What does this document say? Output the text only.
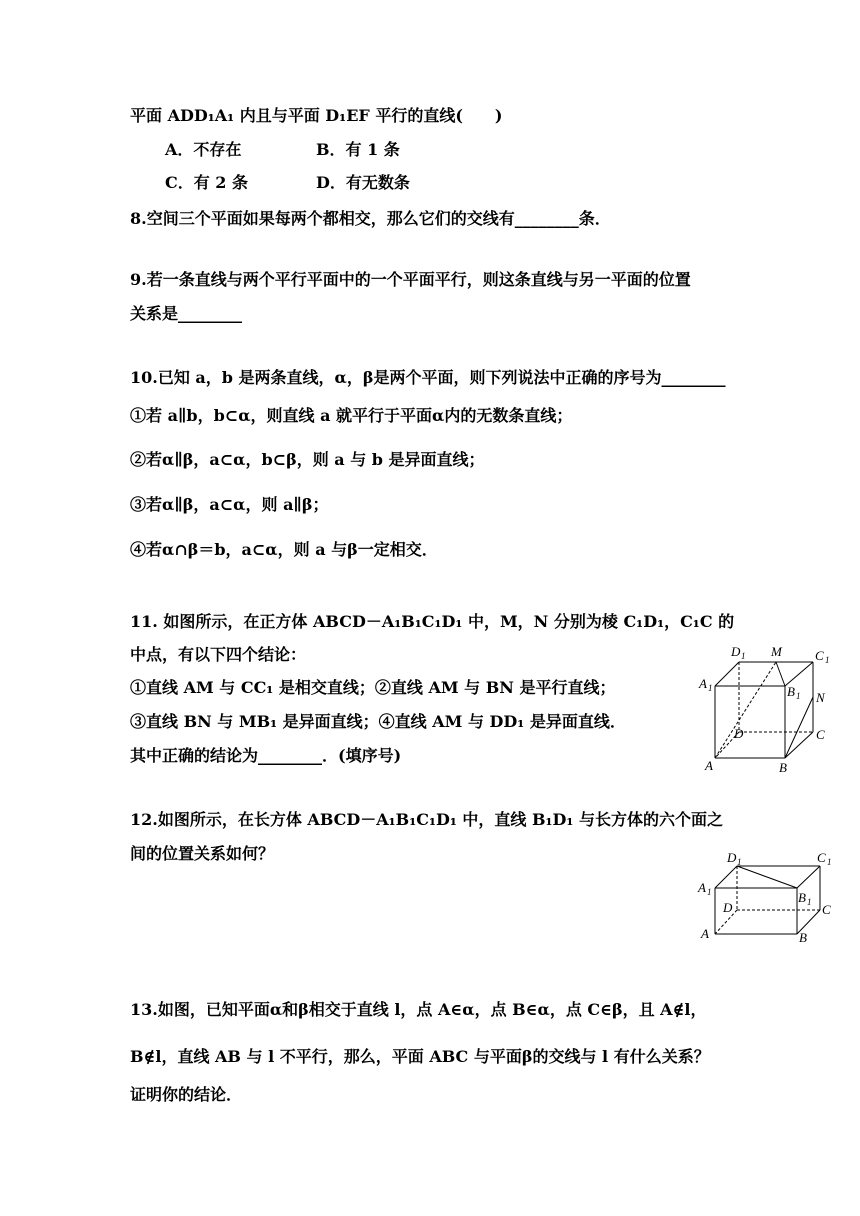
平面 ADD₁A₁ 内且与平面 D₁EF 平行的直线(　　)
A．不存在	B．有 1 条
C．有 2 条	D．有无数条
8.空间三个平面如果每两个都相交，那么它们的交线有________条．
9.若一条直线与两个平行平面中的一个平面平行，则这条直线与另一平面的位置
关系是________
10.已知 a，b 是两条直线，α，β是两个平面，则下列说法中正确的序号为________
①若 a∥b，b⊂α，则直线 a 就平行于平面α内的无数条直线；
②若α∥β，a⊂α，b⊂β，则 a 与 b 是异面直线；
③若α∥β，a⊂α，则 a∥β；
④若α∩β＝b，a⊂α，则 a 与β一定相交．
11. 如图所示，在正方体 ABCD－A₁B₁C₁D₁ 中，M，N 分别为棱 C₁D₁，C₁C 的
中点，有以下四个结论：
①直线 AM 与 CC₁ 是相交直线；②直线 AM 与 BN 是平行直线；
③直线 BN 与 MB₁ 是异面直线；④直线 AM 与 DD₁ 是异面直线．
其中正确的结论为________．(填序号)
12.如图所示，在长方体 ABCD－A₁B₁C₁D₁ 中，直线 B₁D₁ 与长方体的六个面之
间的位置关系如何？
13.如图，已知平面α和β相交于直线 l，点 A∈α，点 B∈α，点 C∈β，且 A∉l，
B∉l，直线 AB 与 l 不平行，那么，平面 ABC 与平面β的交线与 l 有什么关系？
证明你的结论．
D 1 M	C 1
A 1	B 1 N
D	C
A	B
D 1	C 1
A 1	B 1
D	C
A	B
